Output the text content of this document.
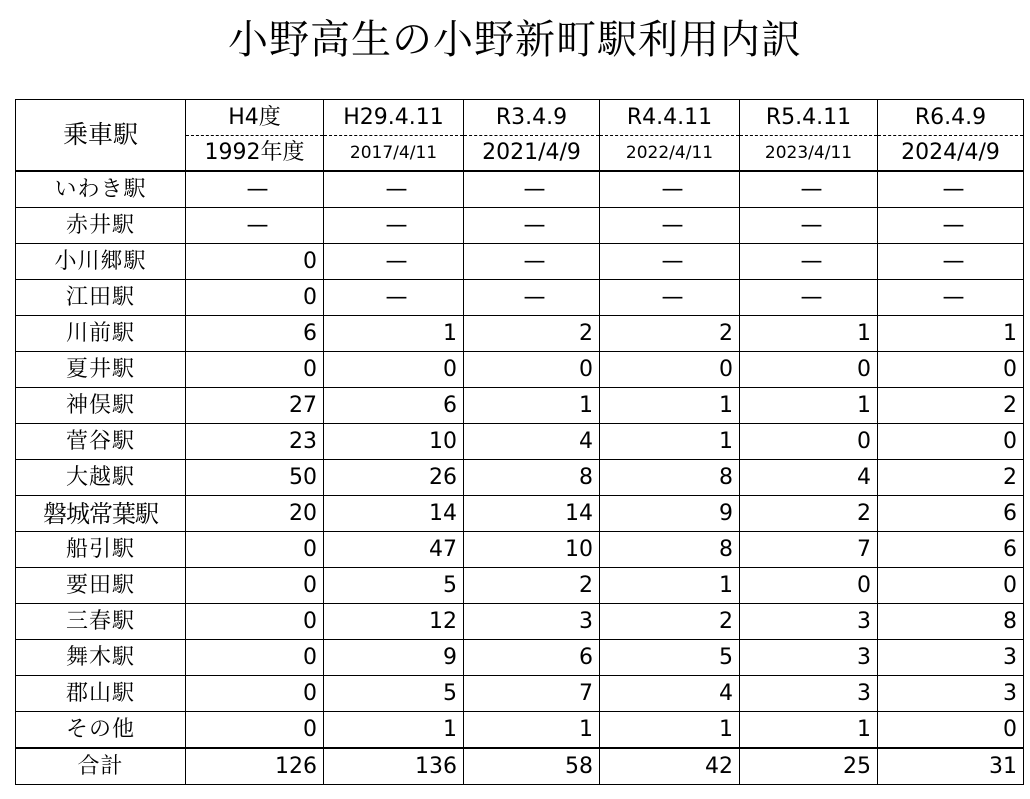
小野高生の小野新町駅利用内訳
乗車駅	H4度	H29.4.11	R3.4.9	R4.4.11	R5.4.11	R6.4.9
	1992年度	2017/4/11	2021/4/9	2022/4/11	2023/4/11	2024/4/9
いわき駅	—	—	—	—	—	—
赤井駅	—	—	—	—	—	—
小川郷駅	0	—	—	—	—	—
江田駅	0	—	—	—	—	—
川前駅	6	1	2	2	1	1
夏井駅	0	0	0	0	0	0
神俣駅	27	6	1	1	1	2
菅谷駅	23	10	4	1	0	0
大越駅	50	26	8	8	4	2
磐城常葉駅	20	14	14	9	2	6
船引駅	0	47	10	8	7	6
要田駅	0	5	2	1	0	0
三春駅	0	12	3	2	3	8
舞木駅	0	9	6	5	3	3
郡山駅	0	5	7	4	3	3
その他	0	1	1	1	1	0
合計	126	136	58	42	25	31
